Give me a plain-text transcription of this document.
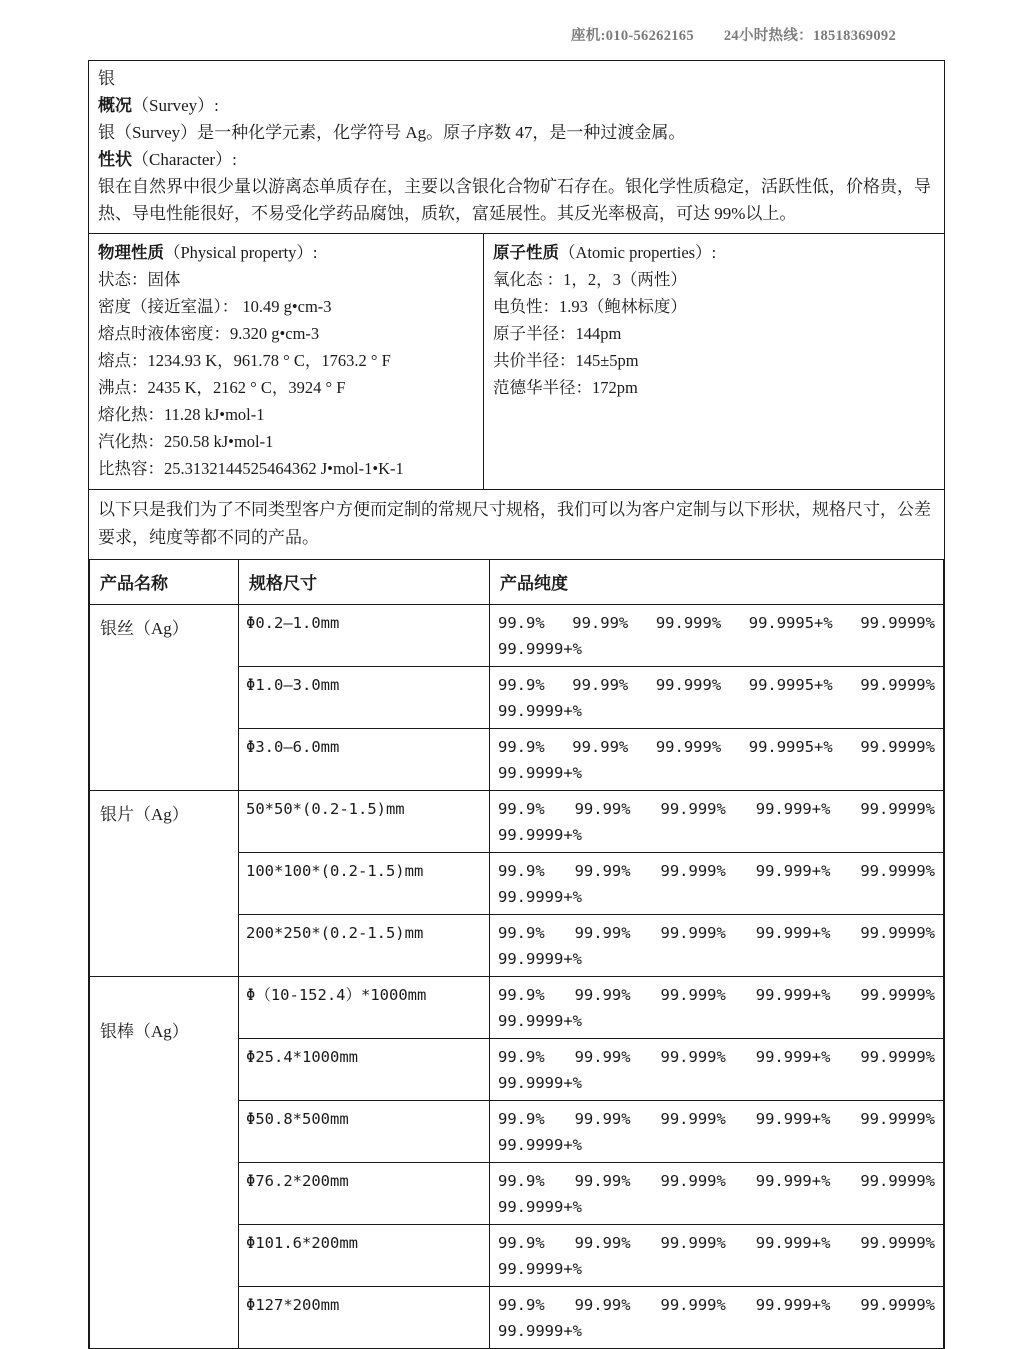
座机:010-56262165 24小时热线：18518369092
银
概况（Survey）:
银（Survey）是一种化学元素，化学符号 Ag。原子序数 47，是一种过渡金属。
性状（Character）:
银在自然界中很少量以游离态单质存在，主要以含银化合物矿石存在。银化学性质稳定，活跃性低，价格贵，导热、导电性能很好，不易受化学药品腐蚀，质软，富延展性。其反光率极高，可达 99%以上。
物理性质（Physical property）:
状态：固体
密度（接近室温）： 10.49 g•cm-3
熔点时液体密度：9.320 g•cm-3
熔点：1234.93 K，961.78 ° C，1763.2 ° F
沸点：2435 K，2162 ° C，3924 ° F
熔化热：11.28 kJ•mol-1
汽化热：250.58 kJ•mol-1
比热容：25.3132144525464362 J•mol-1•K-1
原子性质（Atomic properties）:
氧化态 ：1，2，3（两性）
电负性：1.93（鲍林标度）
原子半径：144pm
共价半径：145±5pm
范德华半径：172pm
以下只是我们为了不同类型客户方便而定制的常规尺寸规格，我们可以为客户定制与以下形状，规格尺寸，公差要求，纯度等都不同的产品。
产品名称	规格尺寸	产品纯度
银丝（Ag）	Φ0.2—1.0mm	99.9% 99.99% 99.999% 99.9995+% 99.9999%
99.9999+%

Φ1.0—3.0mm	99.9% 99.99% 99.999% 99.9995+% 99.9999%
99.9999+%

Φ3.0—6.0mm	99.9% 99.99% 99.999% 99.9995+% 99.9999%
99.9999+%

银片（Ag）	50*50*(0.2-1.5)mm	99.9% 99.99% 99.999% 99.999+% 99.9999%
99.9999+%

100*100*(0.2-1.5)mm	99.9% 99.99% 99.999% 99.999+% 99.9999%
99.9999+%

200*250*(0.2-1.5)mm	99.9% 99.99% 99.999% 99.999+% 99.9999%
99.9999+%

银棒（Ag）	Φ（10-152.4）*1000mm	99.9% 99.99% 99.999% 99.999+% 99.9999%
99.9999+%

Φ25.4*1000mm	99.9% 99.99% 99.999% 99.999+% 99.9999%
99.9999+%

Φ50.8*500mm	99.9% 99.99% 99.999% 99.999+% 99.9999%
99.9999+%

Φ76.2*200mm	99.9% 99.99% 99.999% 99.999+% 99.9999%
99.9999+%

Φ101.6*200mm	99.9% 99.99% 99.999% 99.999+% 99.9999%
99.9999+%

Φ127*200mm	99.9% 99.99% 99.999% 99.999+% 99.9999%
99.9999+%
